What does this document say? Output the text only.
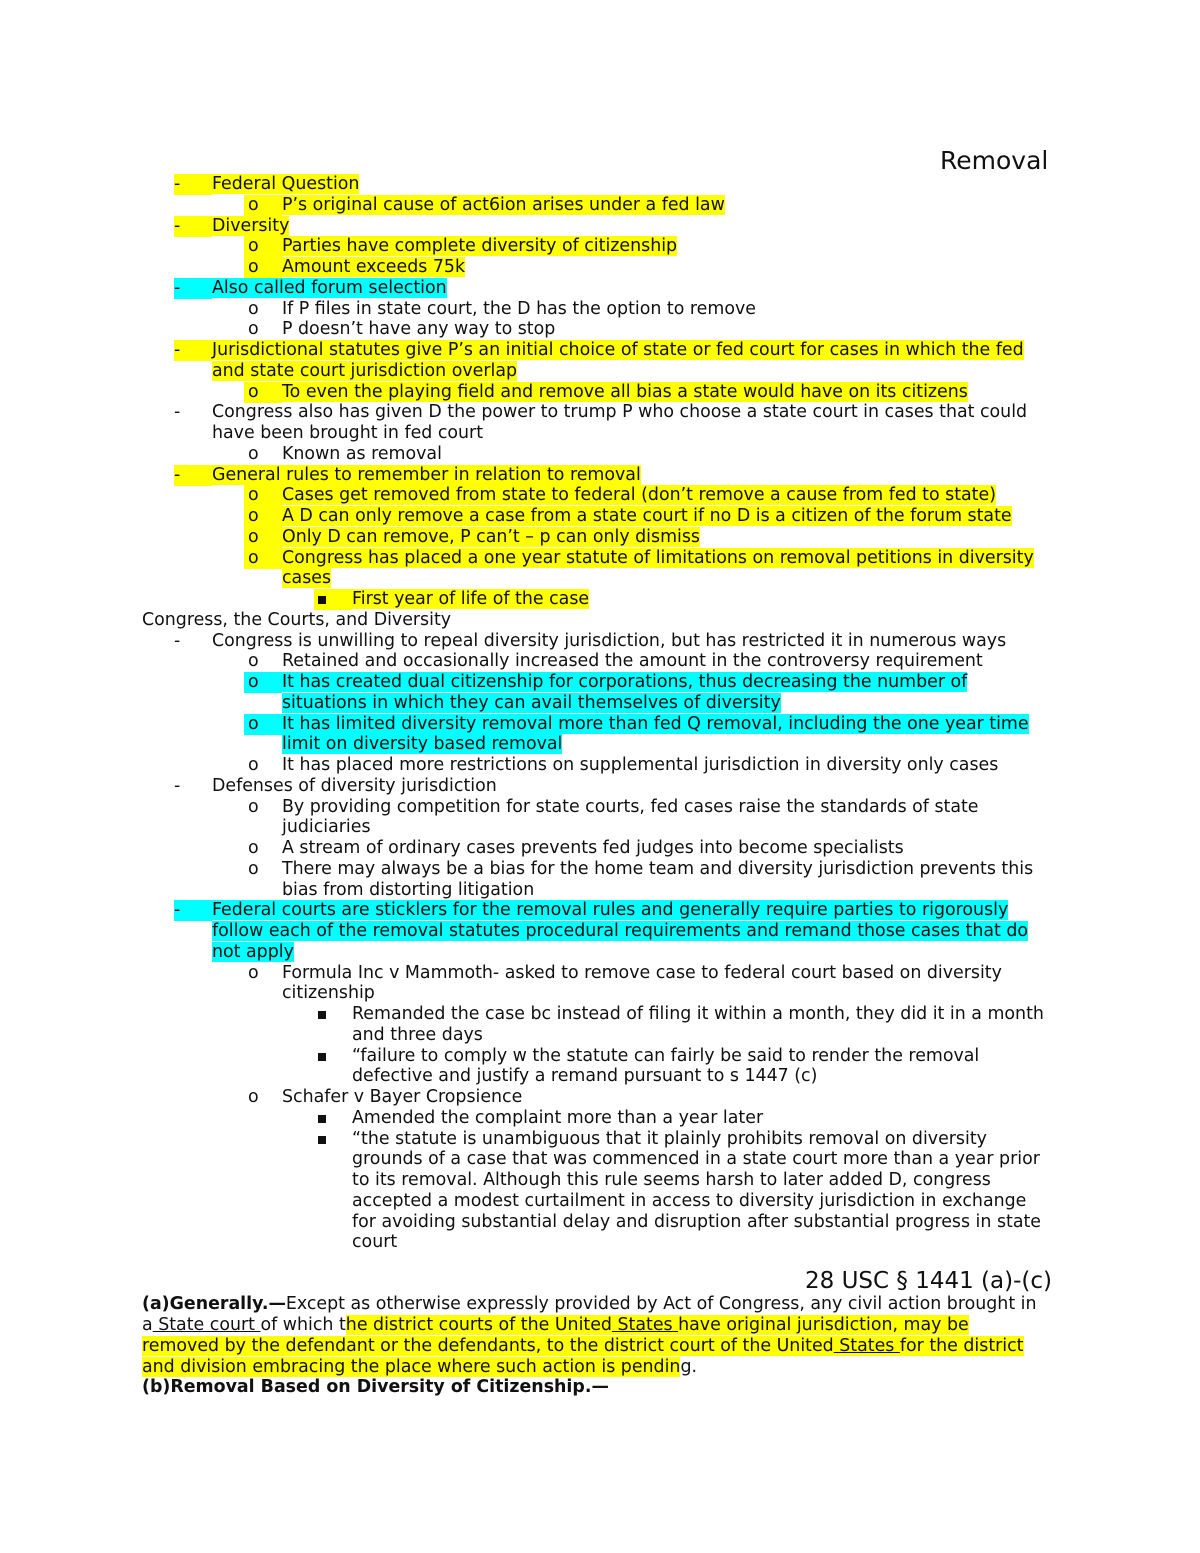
Removal
-	Federal Question
o	P’s original cause of act6ion arises under a fed law
-	Diversity
o	Parties have complete diversity of citizenship
o	Amount exceeds 75k
-	Also called forum selection
o	If P files in state court, the D has the option to remove
o	P doesn’t have any way to stop
-	Jurisdictional statutes give P’s an initial choice of state or fed court for cases in which the fed
and state court jurisdiction overlap
o	To even the playing field and remove all bias a state would have on its citizens
-	Congress also has given D the power to trump P who choose a state court in cases that could
have been brought in fed court
o	Known as removal
-	General rules to remember in relation to removal
o	Cases get removed from state to federal (don’t remove a cause from fed to state)
o	A D can only remove a case from a state court if no D is a citizen of the forum state
o	Only D can remove, P can’t – p can only dismiss
o	Congress has placed a one year statute of limitations on removal petitions in diversity
cases
First year of life of the case
Congress, the Courts, and Diversity
-	Congress is unwilling to repeal diversity jurisdiction, but has restricted it in numerous ways
o	Retained and occasionally increased the amount in the controversy requirement
o	It has created dual citizenship for corporations, thus decreasing the number of
situations in which they can avail themselves of diversity
o	It has limited diversity removal more than fed Q removal, including the one year time
limit on diversity based removal
o	It has placed more restrictions on supplemental jurisdiction in diversity only cases
-	Defenses of diversity jurisdiction
o	By providing competition for state courts, fed cases raise the standards of state
judiciaries
o	A stream of ordinary cases prevents fed judges into become specialists
o	There may always be a bias for the home team and diversity jurisdiction prevents this
bias from distorting litigation
-	Federal courts are sticklers for the removal rules and generally require parties to rigorously
follow each of the removal statutes procedural requirements and remand those cases that do
not apply
o	Formula Inc v Mammoth- asked to remove case to federal court based on diversity
citizenship
Remanded the case bc instead of filing it within a month, they did it in a month
and three days
“failure to comply w the statute can fairly be said to render the removal
defective and justify a remand pursuant to s 1447 (c)
o	Schafer v Bayer Cropsience
Amended the complaint more than a year later
“the statute is unambiguous that it plainly prohibits removal on diversity
grounds of a case that was commenced in a state court more than a year prior
to its removal. Although this rule seems harsh to later added D, congress
accepted a modest curtailment in access to diversity jurisdiction in exchange
for avoiding substantial delay and disruption after substantial progress in state
court
28 USC § 1441 (a)-(c)
(a)Generally.—Except as otherwise expressly provided by Act of Congress, any civil action brought in
a State court of which the district courts of the United States have original jurisdiction, may be
removed by the defendant or the defendants, to the district court of the United States for the district
and division embracing the place where such action is pending.
(b)Removal Based on Diversity of Citizenship.—
